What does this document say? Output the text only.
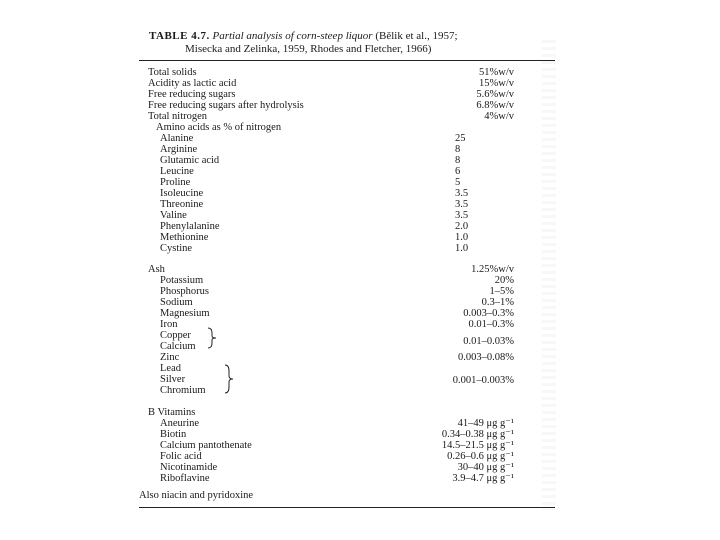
TABLE 4.7. Partial analysis of corn-steep liquor (Bělik et al., 1957;
Misecka and Zelinka, 1959, Rhodes and Fletcher, 1966)
Total solids	51%w/v
Acidity as lactic acid	15%w/v
Free reducing sugars	5.6%w/v
Free reducing sugars after hydrolysis	6.8%w/v
Total nitrogen	4%w/v
Amino acids as % of nitrogen
Alanine	25
Arginine	8
Glutamic acid	8
Leucine	6
Proline	5
Isoleucine	3.5
Threonine	3.5
Valine	3.5
Phenylalanine	2.0
Methionine	1.0
Cystine	1.0
Ash	1.25%w/v
Potassium	20%
Phosphorus	1–5%
Sodium	0.3–1%
Magnesium	0.003–0.3%
Iron	0.01–0.3%
Copper
Calcium	0.01–0.03%
Zinc	0.003–0.08%
Lead
Silver	0.001–0.003%
Chromium
B Vitamins
Aneurine	41–49 μg g⁻¹
Biotin	0.34–0.38 μg g⁻¹
Calcium pantothenate	14.5–21.5 μg g⁻¹
Folic acid	0.26–0.6 μg g⁻¹
Nicotinamide	30–40 μg g⁻¹
Riboflavine	3.9–4.7 μg g⁻¹
Also niacin and pyridoxine
